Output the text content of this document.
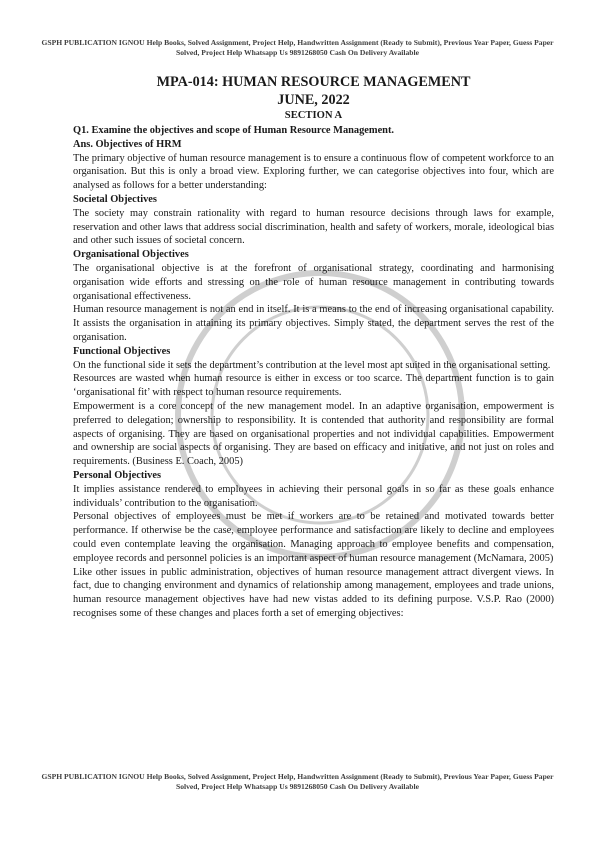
GSPH PUBLICATION IGNOU Help Books, Solved Assignment, Project Help, Handwritten Assignment (Ready to Submit), Previous Year Paper, Guess Paper Solved, Project Help Whatsapp Us 9891268050 Cash On Delivery Available
MPA-014: HUMAN RESOURCE MANAGEMENT
JUNE, 2022
SECTION A

Q1. Examine the objectives and scope of Human Resource Management.

Ans. Objectives of HRM

The primary objective of human resource management is to ensure a continuous flow of competent workforce to an organisation. But this is only a broad view. Exploring further, we can categorise objectives into four, which are analysed as follows for a better understanding:

Societal Objectives

The society may constrain rationality with regard to human resource decisions through laws for example, reservation and other laws that address social discrimination, health and safety of workers, morale, ideological bias and other such issues of societal concern.

Organisational Objectives

The organisational objective is at the forefront of organisational strategy, coordinating and harmonising organisation wide efforts and stressing on the role of human resource management in contributing towards organisational effectiveness.

Human resource management is not an end in itself. It is a means to the end of increasing organisational capability. It assists the organisation in attaining its primary objectives. Simply stated, the department serves the rest of the organisation.

Functional Objectives

On the functional side it sets the department’s contribution at the level most apt suited in the organisational setting.

Resources are wasted when human resource is either in excess or too scarce. The department function is to gain ‘organisational fit’ with respect to human resource requirements.

Empowerment is a core concept of the new management model. In an adaptive organisation, empowerment is preferred to delegation; ownership to responsibility. It is contended that authority and responsibility are formal aspects of organising. They are based on organisational properties and not individual capabilities. Empowerment and ownership are social aspects of organising. They are based on efficacy and initiative, and not just on roles and requirements. (Business E. Coach, 2005)

Personal Objectives

It implies assistance rendered to employees in achieving their personal goals in so far as these goals enhance individuals’ contribution to the organisation.

Personal objectives of employees must be met if workers are to be retained and motivated towards better performance. If otherwise be the case, employee performance and satisfaction are likely to decline and employees could even contemplate leaving the organisation. Managing approach to employee benefits and compensation, employee records and personnel policies is an important aspect of human resource management (McNamara, 2005)

Like other issues in public administration, objectives of human resource management attract divergent views. In fact, due to changing environment and dynamics of relationship among management, employees and trade unions, human resource management objectives have had new vistas added to its defining purpose. V.S.P. Rao (2000) recognises some of these changes and places forth a set of emerging objectives:

GSPH PUBLICATION IGNOU Help Books, Solved Assignment, Project Help, Handwritten Assignment (Ready to Submit), Previous Year Paper, Guess Paper Solved, Project Help Whatsapp Us 9891268050 Cash On Delivery Available
